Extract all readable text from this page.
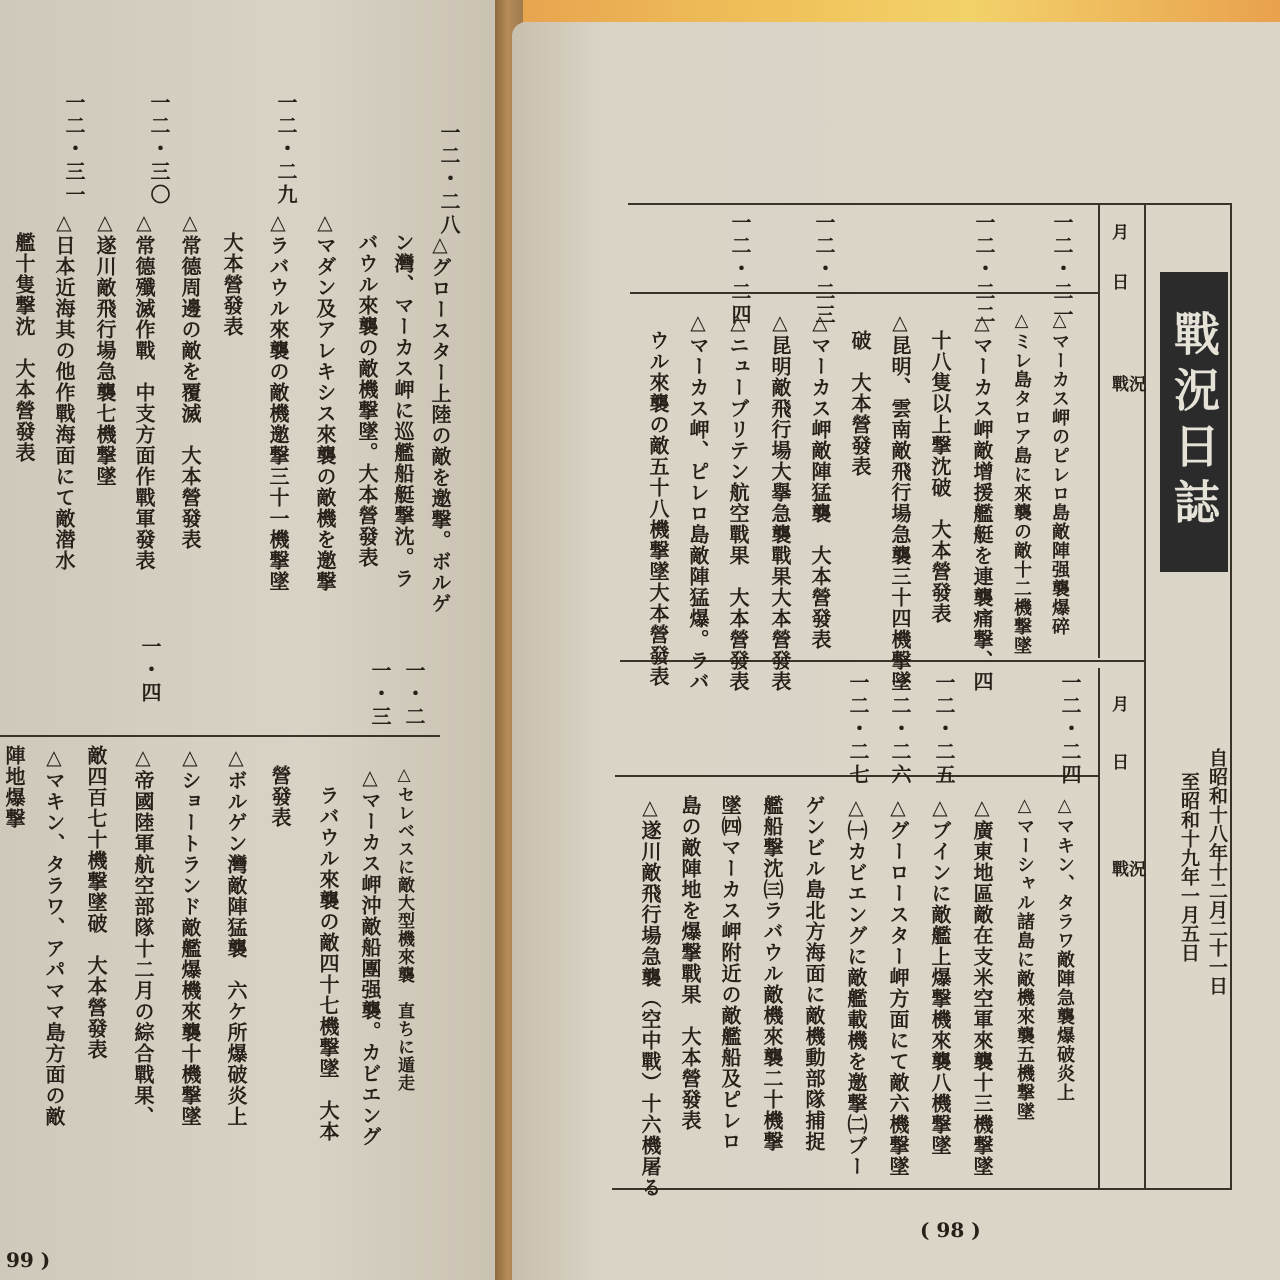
一二・二八
△グロースター上陸の敵を邀撃。ボルゲ
ン灣、マーカス岬に巡艦船艇撃沈。ラ
バウル來襲の敵機撃墜。大本營發表
一二・二九
△マダン及アレキシス來襲の敵機を邀撃
△ラバウル來襲の敵機邀撃三十一機撃墜
大本營發表
一二・三〇
△常德周邊の敵を覆滅　大本營發表
△常德殲滅作戰　中支方面作戰軍發表
一二・三一
△遂川敵飛行場急襲七機撃墜
△日本近海其の他作戰海面にて敵潜水
艦十隻撃沈　大本營發表
一・二
△セレベスに敵大型機來襲　直ちに遁走
一・三
△マーカス岬沖敵船團强襲。カビエング
ラバウル來襲の敵四十七機撃墜　大本
營發表
一・四
△ボルゲン灣敵陣猛襲　六ケ所爆破炎上
△ショートランド敵艦爆機來襲十機撃墜
△帝國陸軍航空部隊十二月の綜合戰果、
敵四百七十機撃墜破　大本營發表
△マキン、タラワ、アパママ島方面の敵
陣地爆撃
99 )
戰況日誌
自昭和十八年十二月二十一日
至昭和十九年一月五日
月
日
戰況
月
日
戰況
一二・二一
△マーカス岬のピレロ島敵陣强襲爆碎
△ミレ島タロア島に來襲の敵十二機撃墜
一二・二二
△マーカス岬敵增援艦艇を連襲痛撃、四
十八隻以上撃沈破　大本營發表
一二・二三
△昆明、雲南敵飛行場急襲三十四機撃墜
破　大本營發表
△マーカス岬敵陣猛襲　大本營發表
一二・二四
△昆明敵飛行場大擧急襲戰果大本營發表
△ニューブリテン航空戰果　大本營發表
△マーカス岬、ピレロ島敵陣猛爆。ラバ
ウル來襲の敵五十八機撃墜大本營發表
一二・二四
△マキン、タラワ敵陣急襲爆破炎上
△マーシャル諸島に敵機來襲五機撃墜
一二・二五
△廣東地區敵在支米空軍來襲十三機撃墜
△ブインに敵艦上爆撃機來襲八機撃墜
一二・二六
△グーロースター岬方面にて敵六機撃墜
一二・二七
△㈠カビエングに敵艦載機を邀撃㈡ブー
ゲンビル島北方海面に敵機動部隊捕捉
艦船撃沈㈢ラバウル敵機來襲二十機撃
墜㈣マーカス岬附近の敵艦船及ピレロ
島の敵陣地を爆撃戰果　大本營發表
△遂川敵飛行場急襲（空中戰）十六機屠る
( 98 )
